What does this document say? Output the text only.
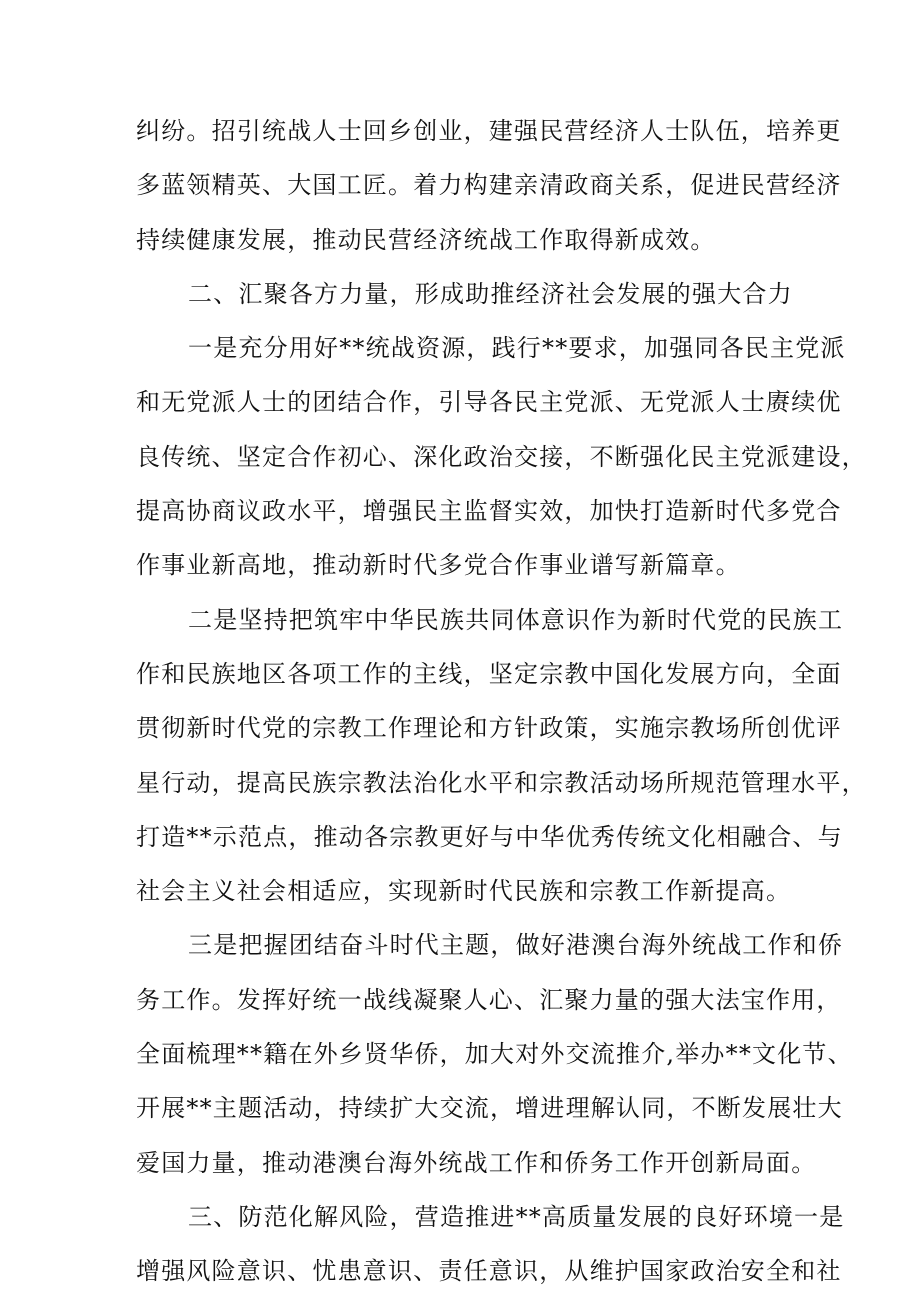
纠纷。招引统战人士回乡创业，建强民营经济人士队伍，培养更
多蓝领精英、大国工匠。着力构建亲清政商关系，促进民营经济
持续健康发展，推动民营经济统战工作取得新成效。
二、汇聚各方力量，形成助推经济社会发展的强大合力
一是充分用好**统战资源，践行**要求，加强同各民主党派
和无党派人士的团结合作，引导各民主党派、无党派人士赓续优
良传统、坚定合作初心、深化政治交接，不断强化民主党派建设，
提高协商议政水平，增强民主监督实效，加快打造新时代多党合
作事业新高地，推动新时代多党合作事业谱写新篇章。
二是坚持把筑牢中华民族共同体意识作为新时代党的民族工
作和民族地区各项工作的主线，坚定宗教中国化发展方向，全面
贯彻新时代党的宗教工作理论和方针政策，实施宗教场所创优评
星行动，提高民族宗教法治化水平和宗教活动场所规范管理水平，
打造**示范点，推动各宗教更好与中华优秀传统文化相融合、与
社会主义社会相适应，实现新时代民族和宗教工作新提高。
三是把握团结奋斗时代主题，做好港澳台海外统战工作和侨
务工作。发挥好统一战线凝聚人心、汇聚力量的强大法宝作用，
全面梳理**籍在外乡贤华侨，加大对外交流推介,举办**文化节、
开展**主题活动，持续扩大交流，增进理解认同，不断发展壮大
爱国力量，推动港澳台海外统战工作和侨务工作开创新局面。
三、防范化解风险，营造推进**高质量发展的良好环境一是
增强风险意识、忧患意识、责任意识，从维护国家政治安全和社
